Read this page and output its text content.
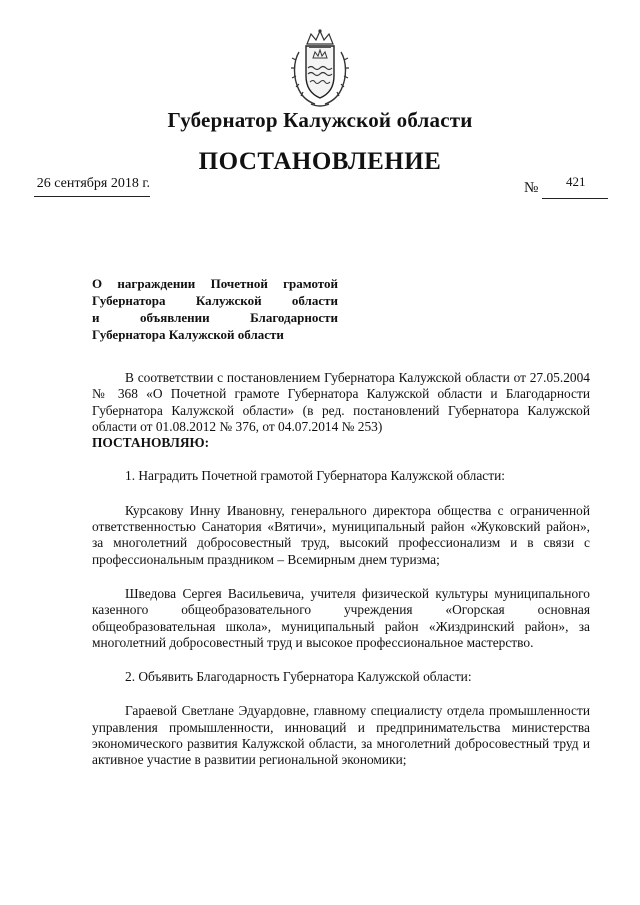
Губернатор Калужской области
ПОСТАНОВЛЕНИЕ
26 сентября 2018 г.	№ 421
О награждении Почетной грамотой
Губернатора Калужской области
и объявлении Благодарности
Губернатора Калужской области

В соответствии с постановлением Губернатора Калужской области от 27.05.2004 № 368 «О Почетной грамоте Губернатора Калужской области и Благодарности Губернатора Калужской области» (в ред. постановлений Губернатора Калужской области от 01.08.2012 № 376, от 04.07.2014 № 253)

ПОСТАНОВЛЯЮ:

1. Наградить Почетной грамотой Губернатора Калужской области:

Курсакову Инну Ивановну, генерального директора общества с ограниченной ответственностью Санатория «Вятичи», муниципальный район «Жуковский район», за многолетний добросовестный труд, высокий профессионализм и в связи с профессиональным праздником – Всемирным днем туризма;

Шведова Сергея Васильевича, учителя физической культуры муниципального казенного общеобразовательного учреждения «Огорская основная общеобразовательная школа», муниципальный район «Жиздринский район», за многолетний добросовестный труд и высокое профессиональное мастерство.

2. Объявить Благодарность Губернатора Калужской области:

Гараевой Светлане Эдуардовне, главному специалисту отдела промышленности управления промышленности, инноваций и предпринимательства министерства экономического развития Калужской области, за многолетний добросовестный труд и активное участие в развитии региональной экономики;
